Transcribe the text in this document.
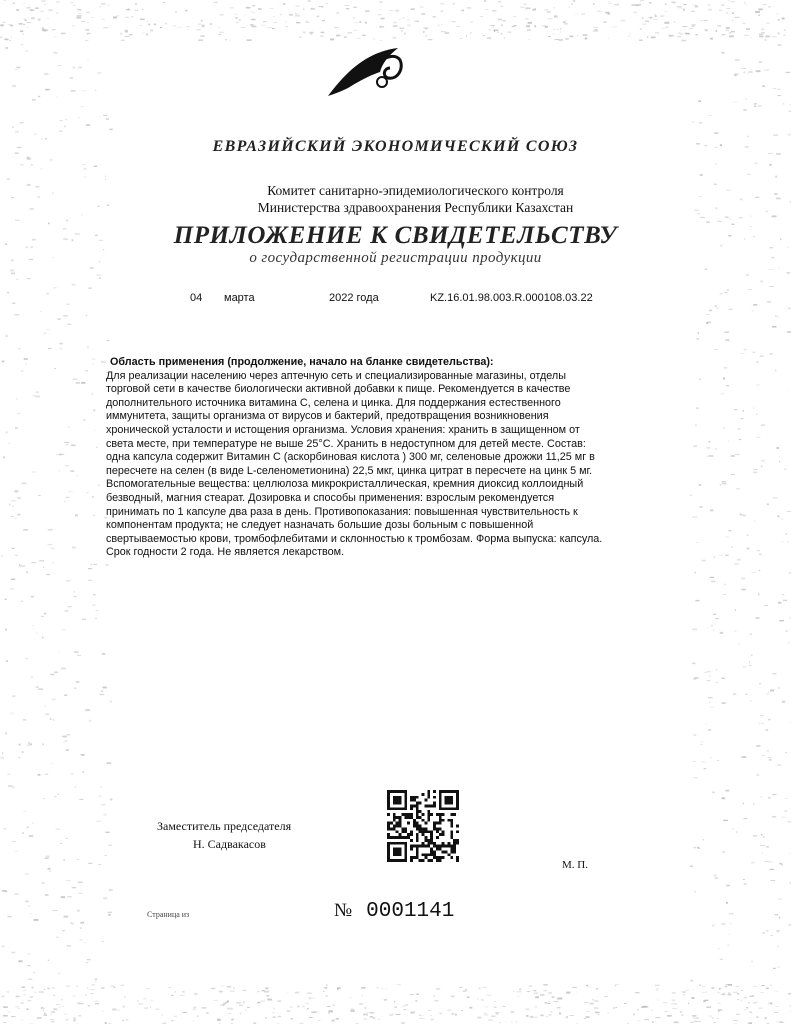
ЕВРАЗИЙСКИЙ ЭКОНОМИЧЕСКИЙ СОЮЗ
Комитет санитарно-эпидемиологического контроля
Министерства здравоохранения Республики Казахстан
ПРИЛОЖЕНИЕ К СВИДЕТЕЛЬСТВУ
о государственной регистрации продукции
04 марта	2022 года	KZ.16.01.98.003.R.000108.03.22
Область применения (продолжение, начало на бланке свидетельства):
Для реализации населению через аптечную сеть и специализированные магазины, отделы
торговой сети в качестве биологически активной добавки к пище. Рекомендуется в качестве
дополнительного источника витамина С, селена и цинка. Для поддержания естественного
иммунитета, защиты организма от вирусов и бактерий, предотвращения возникновения
хронической усталости и истощения организма. Условия хранения: хранить в защищенном от
света месте, при температуре не выше 25°С. Хранить в недоступном для детей месте. Состав:
одна капсула содержит Витамин С (аскорбиновая кислота ) 300 мг, селеновые дрожжи 11,25 мг в
пересчете на селен (в виде L-селенометионина) 22,5 мкг, цинка цитрат в пересчете на цинк 5 мг.
Вспомогательные вещества: целлюлоза микрокристаллическая, кремния диоксид коллоидный
безводный, магния стеарат. Дозировка и способы применения: взрослым рекомендуется
принимать по 1 капсуле два раза в день. Противопоказания: повышенная чувствительность к
компонентам продукта; не следует назначать большие дозы больным с повышенной
свертываемостью крови, тромбофлебитами и склонностью к тромбозам. Форма выпуска: капсула.
Срок годности 2 года. Не является лекарством.
Заместитель председателя
Н. Садвакасов
М. П.
Страница из	№ 0001141
